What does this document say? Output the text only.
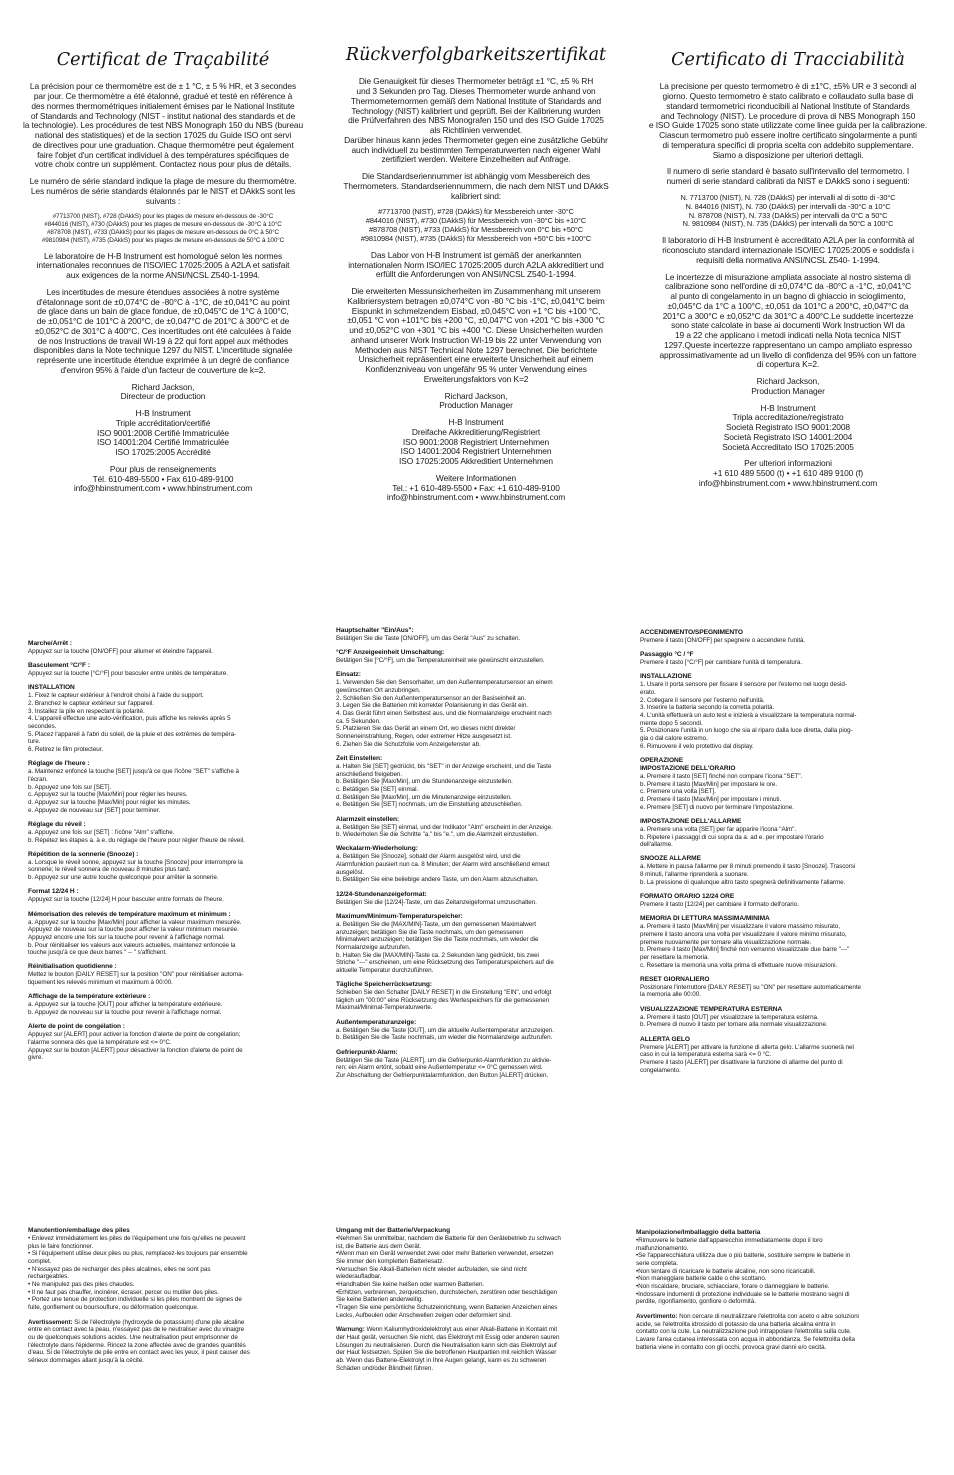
Certificat de Traçabilité

La précision pour ce thermomètre est de ± 1 °C, ± 5 % HR, et 3 secondes
par jour. Ce thermomètre a été étalonné, gradué et testé en référence à
des normes thermométriques initialement émises par le National Institute
of Standards and Technology (NIST - institut national des standards et de
la technologie). Les procédures de test NBS Monograph 150 du NBS (bureau
national des statistiques) et de la section 17025 du Guide ISO ont servi
de directives pour une graduation. Chaque thermomètre peut également
faire l'objet d'un certificat individuel à des températures spécifiques de
votre choix contre un supplément. Contactez nous pour plus de détails.

Le numéro de série standard indique la plage de mesure du thermomètre.
Les numéros de série standards étalonnés par le NIST et DAkkS sont les
suivants :

#7713700 (NIST), #728 (DAkkS) pour les plages de mesure en-dessous de -30°C
#844016 (NIST), #730 (DAkkS) pour les plages de mesure en-dessous de -30°C à 10°C
#878708 (NIST), #733 (DAkkS) pour les plages de mesure en-dessous de 0°C à 50°C
#9810984 (NIST), #735 (DAkkS) pour les plages de mesure en-dessous de 50°C à 100°C

Le laboratoire de H-B Instrument est homologué selon les normes
internationales reconnues de l'ISO/IEC 17025:2005 à A2LA et satisfait
aux exigences de la norme ANSI/NCSL Z540-1-1994.

Les incertitudes de mesure étendues associées à notre système
d'étalonnage sont de ±0,074°C de -80°C à -1°C, de ±0,041°C au point
de glace dans un bain de glace fondue, de ±0,045°C de 1°C à 100°C,
de ±0,051°C de 101°C à 200°C, de ±0,047°C de 201°C à 300°C et de
±0,052°C de 301°C à 400°C. Ces incertitudes ont été calculées à l'aide
de nos Instructions de travail WI-19 à 22 qui font appel aux méthodes
disponibles dans la Note technique 1297 du NIST. L'incertitude signalée
représente une incertitude étendue exprimée à un degré de confiance
d'environ 95% à l'aide d'un facteur de couverture de k=2.

Richard Jackson,
Directeur de production

H-B Instrument
Triple accréditation/certifié
ISO 9001:2008 Certifié Immatriculée
ISO 14001:204 Certifié Immatriculée
ISO 17025:2005 Accrédité

Pour plus de renseignements
Tél. 610-489-5500 • Fax 610-489-9100
info@hbinstrument.com • www.hbinstrument.com

Rückverfolgbarkeitszertifikat

Die Genauigkeit für dieses Thermometer beträgt ±1 °C, ±5 % RH
und 3 Sekunden pro Tag. Dieses Thermometer wurde anhand von
Thermometernormen gemäß dem National Institute of Standards and
Technology (NIST) kalibriert und geprüft. Bei der Kalibrierung wurden
die Prüfverfahren des NBS Monografen 150 und des ISO Guide 17025
als Richtlinien verwendet.
Darüber hinaus kann jedes Thermometer gegen eine zusätzliche Gebühr
auch individuell zu bestimmten Temperaturwerten nach eigener Wahl
zertifiziert werden. Weitere Einzelheiten auf Anfrage.

Die Standardseriennummer ist abhängig vom Messbereich des
Thermometers. Standardseriennummern, die nach dem NIST und DAkkS
kalibriert sind:

#7713700 (NIST), #728 (DAkkS) für Messbereich unter -30°C
#844016 (NIST), #730 (DAkkS) für Messbereich von -30°C bis +10°C
#878708 (NIST), #733 (DAkkS) für Messbereich von 0°C bis +50°C
#9810984 (NIST), #735 (DAkkS) für Messbereich von +50°C bis +100°C

Das Labor von H-B Instrument ist gemäß der anerkannten
internationalen Norm ISO/IEC 17025:2005 durch A2LA akkreditiert und
erfüllt die Anforderungen von ANSI/NCSL Z540-1-1994.

Die erweiterten Messunsicherheiten im Zusammenhang mit unserem
Kalibriersystem betragen ±0,074°C von -80 °C bis -1°C, ±0,041°C beim
Eispunkt in schmelzendem Eisbad, ±0,045°C von +1 °C bis +100 °C,
±0,051 °C von +101°C bis +200 °C, ±0,047°C von +201 °C bis +300 °C
und ±0,052°C von +301 °C bis +400 °C. Diese Unsicherheiten wurden
anhand unserer Work Instruction WI-19 bis 22 unter Verwendung von
Methoden aus NIST Technical Note 1297 berechnet. Die berichtete
Unsicherheit repräsentiert eine erweiterte Unsicherheit auf einem
Konfidenzniveau von ungefähr 95 % unter Verwendung eines
Erweiterungsfaktors von K=2

Richard Jackson,
Production Manager

H-B Instrument
Dreifache Akkreditierung/Registriert
ISO 9001:2008 Registriert Unternehmen
ISO 14001:2004 Registriert Unternehmen
ISO 17025:2005 Akkreditiert Unternehmen

Weitere Informationen
Tel.: +1 610-489-5500 • Fax: +1 610-489-9100
info@hbinstrument.com • www.hbinstrument.com

Certificato di Tracciabilità

La precisione per questo termometro è di ±1°C, ±5% UR e 3 secondi al
giorno. Questo termometro è stato calibrato e collaudato sulla base di
standard termometrici riconducibili al National Institute of Standards
and Technology (NIST). Le procedure di prova di NBS Monograph 150
e ISO Guide 17025 sono state utilizzate come linee guida per la calibrazione.
Ciascun termometro può essere inoltre certificato singolarmente a punti
di temperatura specifici di propria scelta con addebito supplementare.
Siamo a disposizione per ulteriori dettagli.

Il numero di serie standard è basato sull'intervallo del termometro. I
numeri di serie standard calibrati da NIST e DAkkS sono i seguenti:

N. 7713700 (NIST), N. 728 (DAkkS) per intervalli al di sotto di -30°C
N. 844016 (NIST), N. 730 (DAkkS) per intervalli da -30°C a 10°C
N. 878708 (NIST), N. 733 (DAkkS) per intervalli da 0°C a 50°C
N. 9810984 (NIST), N. 735 (DAkkS) per intervalli da 50°C a 100°C

Il laboratorio di H-B Instrument è accreditato A2LA per la conformità al
riconosciuto standard internazionale ISO/IEC 17025:2005 e soddisfa i
requisiti della normativa ANSI/NCSL Z540- 1-1994.

Le incertezze di misurazione ampliata associate al nostro sistema di
calibrazione sono nell'ordine di ±0,074°C da -80°C a -1°C, ±0,041°C
al punto di congelamento in un bagno di ghiaccio in scioglimento,
±0,045°C da 1°C a 100°C, ±0,051 da 101°C a 200°C, ±0,047°C da
201°C a 300°C e ±0,052°C da 301°C a 400°C.Le suddette incertezze
sono state calcolate in base ai documenti Work Instruction WI da
19 a 22 che applicano i metodi indicati nella Nota tecnica NIST
1297.Queste incertezze rappresentano un campo ampliato espresso
approssimativamente ad un livello di confidenza del 95% con un fattore
di copertura K=2.

Richard Jackson,
Production Manager

H-B Instrument
Tripla accreditazione/registrato
Società Registrato ISO 9001:2008
Società Registrato ISO 14001:2004
Società Accreditato ISO 17025:2005

Per ulteriori informazioni
+1 610 489 5500 (t) • +1 610 489 9100 (f)
info@hbinstrument.com • www.hbinstrument.com

Marche/Arrêt :
Appuyez sur la touche [ON/OFF] pour allumer et éteindre l'appareil.
Basculement °C/°F :
Appuyez sur la touche [°C/°F] pour basculer entre unités de température.
INSTALLATION
1. Fixez le capteur extérieur à l'endroit choisi à l'aide du support.
2. Branchez le capteur extérieur sur l'appareil.
3. Installez la pile en respectant la polarité.
4. L'appareil effectue une auto-vérification, puis affiche les relevés après 5
secondes.
5. Placez l'appareil à l'abri du soleil, de la pluie et des extrêmes de tempéra-
ture.
6. Retirez le film protecteur.
Réglage de l'heure :
a. Maintenez enfoncé la touche [SET] jusqu'à ce que l'icône "SET" s'affiche à
l'écran.
b. Appuyez une fois sur [SET].
c. Appuyez sur la touche [Max/Min] pour régler les heures.
d. Appuyez sur la touche [Max/Min] pour régler les minutes.
e. Appuyez de nouveau sur [SET] pour terminer.
Réglage du réveil :
a. Appuyez une fois sur [SET] : l'icône "Alm" s'affiche.
b. Répétez les étapes a. à e. du réglage de l'heure pour régler l'heure de réveil.
Répétition de la sonnerie (Snooze) :
a. Lorsque le réveil sonne, appuyez sur la touche [Snooze] pour interrompre la
sonnerie; le réveil sonnera de nouveau 8 minutes plus tard.
b. Appuyez sur une autre touche quelconque pour arrêter la sonnerie.
Format 12/24 H :
Appuyez sur la touche [12/24] H pour basculer entre formats de l'heure.
Mémorisation des relevés de température maximum et minimum :
a. Appuyez sur la touche [Max/Min] pour afficher la valeur maximum mesurée.
Appuyez de nouveau sur la touche pour afficher la valeur minimum mesurée.
Appuyez encore une fois sur la touche pour revenir à l'affichage normal.
b. Pour réinitialiser les valeurs aux valeurs actuelles, maintenez enfoncée la
touche jusqu'à ce que deux barres " -- " s'affichent.
Réinitialisation quotidienne :
Mettez le bouton [DAILY RESET] sur la position "ON" pour réinitialiser automa-
tiquement les relevés minimum et maximum à 00:00.
Affichage de la température extérieure :
a. Appuyez sur la touche [OUT] pour afficher la température extérieure.
b. Appuyez de nouveau sur la touche pour revenir à l'affichage normal.
Alerte de point de congélation :
Appuyez sur [ALERT] pour activer la fonction d'alerte de point de congélation;
l'alarme sonnera dès que la température est <= 0°C.
Appuyez sur le bouton [ALERT] pour désactiver la fonction d'alerte de point de
givre.
Hauptschalter "Ein/Aus":
Betätigen Sie die Taste [ON/OFF], um das Gerät "Aus" zu schalten.
°C/°F Anzeigeeinheit Umschaltung:
Betätigen Sie [°C/°F], um die Temperatureinheit wie gewünscht einzustellen.
Einsatz:
1. Verwenden Sie den Sensorhalter, um den Außentemperatursensor an einem
gewünschten Ort anzubringen.
2. Schließen Sie den Außentemperatursensor an der Basiseinheit an.
3. Legen Sie die Batterien mit korrekter Polarisierung in das Gerät ein.
4. Das Gerät führt einen Selbsttest aus, und die Normalanzeige erscheint nach
ca. 5 Sekunden.
5. Platzieren Sie das Gerät an einem Ort, wo dieses nicht direkter
Sonneneinstrahlung, Regen, oder extremer Hitze ausgesetzt ist.
6. Ziehen Sie die Schutzfolie vom Anzeigefenster ab.
Zeit Einstellen:
a. Halten Sie [SET] gedrückt, bis "SET" in der Anzeige erscheint, und die Taste
anschließend freigeben.
b. Betätigen Sie [Max/Min], um die Stundenanzeige einzustellen.
c. Betätigen Sie [SET] einmal.
d. Betätigen Sie [Max/Min], um die Minutenanzeige einzustellen.
e. Betätigen Sie [SET] nochmals, um die Einstellung abzuschließen.
Alarmzeit einstellen:
a. Betätigen Sie [SET] einmal, und der Indikator "Alm" erscheint in der Anzeige.
b. Wiederholen Sie die Schritte "a." bis "e.", um die Alarmzeit einzustellen.
Weckalarm-Wiederholung:
a. Betätigen Sie [Snooze], sobald der Alarm ausgelöst wird, und die
Alarmfunktion pausiert nun ca. 8 Minuten; der Alarm wird anschließend erneut
ausgelöst.
b. Betätigen Sie eine beliebige andere Taste, um den Alarm abzuschalten.
12/24-Stundenanzeigeformat:
Betätigen Sie die [12/24]-Taste, um das Zeitanzeigeformat umzuschalten.
Maximum/Minimum-Temperaturspeicher:
a. Betätigen Sie die [MAX/MIN]-Taste, um den gemessenen Maximalwert
anzuzeigen; betätigen Sie die Taste nochmals, um den gemessenen
Minimalwert anzuzeigen; betätigen Sie die Taste nochmals, um wieder die
Normalanzeige aufzurufen.
b. Halten Sie die [MAX/MIN]-Taste ca. 2 Sekunden lang gedrückt, bis zwei
Striche "---" erscheinen, um eine Rücksetzung des Temperaturspeichers auf die
aktuelle Temperatur durchzuführen.
Tägliche Speicherrücksetzung:
Schieben Sie den Schalter [DAILY RESET] in die Einstellung "EIN", und erfolgt
täglich um "00:00" eine Rücksetzung des Wertespeichers für die gemessenen
Maximal/Minimal-Temperaturwerte.
Außentemperaturanzeige:
a. Betätigen Sie die Taste [OUT], um die aktuelle Außentemperatur anzuzeigen.
b. Betätigen Sie die Taste nochmals, um wieder die Normalanzeige aufzurufen.
Gefrierpunkt-Alarm:
Betätigen Sie die Taste [ALERT], um die Gefrierpunkt-Alarmfunktion zu aktivie-
ren; ein Alarm ertönt, sobald eine Außentemperatur <= 0°C gemessen wird.
Zur Abschaltung der Gefrierpunktalarmfunktion, den Button [ALERT] drücken.
ACCENDIMENTO/SPEGNIMENTO
Premere il tasto [ON/OFF] per spegnere o accendere l'unità.
Passaggio °C / °F
Premere il tasto [°C/°F] per cambiare l'unità di temperatura.
INSTALLAZIONE
1. Usare il porta sensore per fissare il sensore per l'esterno nel luogo desid-
erato.
2. Collegare il sensore per l'esterno nell'unità.
3. Inserire la batteria secondo la corretta polarità.
4. L'unità effettuerà un auto test e inizierà a visualizzare la temperatura normal-
mente dopo 5 secondi.
5. Posizionare l'unità in un luogo che sia al riparo dalla luce diretta, dalla piog-
gia o dal calore estremo.
6. Rimuovere il velo protettivo dal display.
OPERAZIONE
IMPOSTAZIONE DELL'ORARIO
a. Premere il tasto [SET] finché non compare l'icona "SET".
b. Premere il tasto [Max/Min] per impostare le ore.
c. Premere una volta [SET].
d. Premere il tasto [Max/Min] per impostare i minuti.
e. Premere [SET] di nuovo per terminare l'impostazione.
IMPOSTAZIONE DELL'ALLARME
a. Premere una volta [SET] per far apparire l'icona "Alm".
b. Ripetere i passaggi di cui sopra da a. ad e. per impostare l'orario
dell'allarme.
SNOOZE ALLARME
a. Mettere in pausa l'allarme per 8 minuti premendo il tasto [Snooze]. Trascorsi
8 minuti, l'allarme riprenderà a suonare.
b. La pressione di qualunque altro tasto spegnerà definitivamente l'allarme.
FORMATO ORARIO 12/24 ORE
Premere il tasto [12/24] per cambiare il formato dell'orario.
MEMORIA DI LETTURA MASSIMA/MINIMA
a. Premere il tasto [Max/Min] per visualizzare il valore massimo misurato,
premere il tasto ancora una volta per visualizzare il valore minimo misurato,
premere nuovamente per tornare alla visualizzazione normale.
b. Premere il tasto [Max/Min] finché non verranno visualizzate due barre "---"
per resettare la memoria.
c. Resettare la memoria una volta prima di effettuare nuove misurazioni.
RESET GIORNALIERO
Posizionare l'interruttore [DAILY RESET] su "ON" per resettare automaticamente
la memoria alle 00:00.
VISUALIZZAZIONE TEMPERATURA ESTERNA
a. Premere il tasto [OUT] per visualizzare la temperatura esterna.
b. Premere di nuovo il tasto per tornare alla normale visualizzazione.
ALLERTA GELO
Premere [ALERT] per attivare la funzione di allerta gelo. L'allarme suonerà nel
caso in cui la temperatura esterna sarà <= 0 °C.
Premere il tasto [ALERT] per disattivare la funzione di allarme del punto di
congelamento.
Manutention/emballage des piles
• Enlevez immédiatement les piles de l'équipement une fois qu'elles ne peuvent
plus le faire fonctionner.
• Si l'équipement utilise deux piles ou plus, remplacez-les toujours par ensemble
complet.
• N'essayez pas de recharger des piles alcalines, elles ne sont pas
rechargeables.
• Ne manipulez pas des piles chaudes.
• Il ne faut pas chauffer, incinérer, écraser, percer ou mutiler des piles.
• Portez une tenue de protection individuelle si les piles montrent de signes de
fuite, gonflement ou boursouflure, ou déformation quelconque.
Avertissement: Si de l'électrolyte (hydroxyde de potassium) d'une pile alcaline
entre en contact avec la peau, n'essayez pas de le neutraliser avec du vinaigre
ou de quelconques solutions acides. Une neutralisation peut emprisonner de
l'électrolyte dans l'épiderme. Rincez la zone affectée avec de grandes quantités
d'eau. Si de l'électrolyte de pile entre en contact avec les yeux, il peut causer des
sérieux dommages allant jusqu'à la cécité.
Umgang mit der Batterie/Verpackung
•Nehmen Sie unmittelbar, nachdem die Batterie für den Gerätebetrieb zu schwach
ist, die Batterie aus dem Gerät.
•Wenn man ein Gerät verwendet zwei oder mehr Batterien verwendet, ersetzen
Sie immer den kompletten Batteriesatz.
•Versuchen Sie Alkali-Batterien nicht wieder aufzuladen, sie sind nicht
wiederaufladbar.
•Handhaben Sie keine heißen oder warmen Batterien.
•Erhitzen, verbrennen, zerquetschen, durchstechen, zerstören oder beschädigen
Sie keine Batterien anderweitig.
•Tragen Sie eine persönliche Schutzeinrichtung, wenn Batterien Anzeichen eines
Lecks, Aufbeulen oder Anschwellen zeigen oder deformiert sind.
Warnung: Wenn Kaliumhydroxidelektrolyt aus einer Alkali-Batterie in Kontakt mit
der Haut gerät, versuchen Sie nicht, das Elektrolyt mit Essig oder anderen sauren
Lösungen zu neutralisieren. Durch die Neutralisation kann sich das Elektrolyt auf
der Haut festsetzen. Spülen Sie die betroffenen Hautpartien mit reichlich Wasser
ab. Wenn das Batterie-Elektrolyt in Ihre Augen gelangt, kann es zu schweren
Schäden und/oder Blindheit führen.
Manipolazione/Imballaggio della batteria
•Rimuovere le batterie dall'apparecchio immediatamente dopo il loro
malfunzionamento.
•Se l'apparecchiatura utilizza due o più batterie, sostituire sempre le batterie in
serie completa.
•Non tentare di ricaricare le batterie alcaline, non sono ricaricabili.
•Non maneggiare batterie calde o che scottano.
•Non riscaldare, bruciare, schiacciare, forare o danneggiare le batterie.
•Indossare indumenti di protezione individuale se le batterie mostrano segni di
perdite, rigonfiamento, gonfiore o deformità.
Avvertimento: Non cercare di neutralizzare l'elettrolita con aceto o altre soluzioni
acide, se l'elettrolita idrossido di potassio da una batteria alcalina entra in
contatto con la cute. La neutralizzazione può intrappolare l'elettrolita sulla cute.
Lavare l'area cutanea interessata con acqua in abbondanza. Se l'elettrolita della
batteria viene in contatto con gli occhi, provoca gravi danni e/o cecità.
